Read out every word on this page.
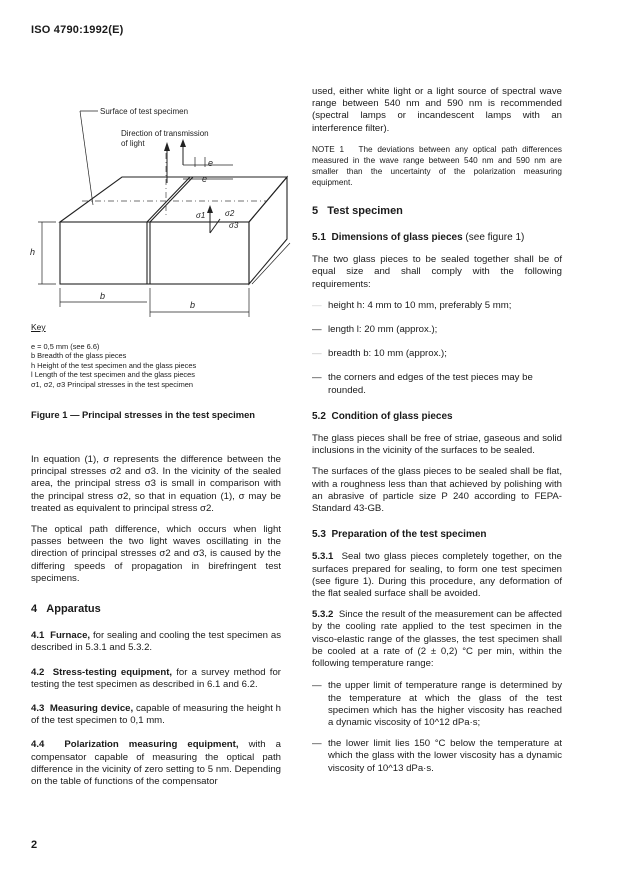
ISO 4790:1992(E)
e
e
σ1 σ2
σ3
Surface of test specimen
Direction of transmission
of light
h
b
b
Key
e = 0,5 mm (see 6.6)
b Breadth of the glass pieces
h Height of the test specimen and the glass pieces
l Length of the test specimen and the glass pieces
σ1, σ2, σ3 Principal stresses in the test specimen
Figure 1 — Principal stresses in the test specimen

In equation (1), σ represents the difference between the principal stresses σ2 and σ3. In the vicinity of the sealed area, the principal stress σ3 is small in comparison with the principal stress σ2, so that in equation (1), σ may be treated as equivalent to principal stress σ2.

The optical path difference, which occurs when light passes between the two light waves oscillating in the direction of principal stresses σ2 and σ3, is caused by the differing speeds of propagation in birefringent test specimens.

4 Apparatus

4.1 Furnace, for sealing and cooling the test specimen as described in 5.3.1 and 5.3.2.

4.2 Stress-testing equipment, for a survey method for testing the test specimen as described in 6.1 and 6.2.

4.3 Measuring device, capable of measuring the height h of the test specimen to 0,1 mm.

4.4 Polarization measuring equipment, with a compensator capable of measuring the optical path difference in the vicinity of zero setting to 5 nm. Depending on the table of functions of the compensator

used, either white light or a light source of spectral wave range between 540 nm and 590 nm is recommended (spectral lamps or incandescent lamps with an interference filter).

NOTE 1 The deviations between any optical path differences measured in the wave range between 540 nm and 590 nm are smaller than the uncertainty of the polarization measuring equipment.

5 Test specimen
5.1 Dimensions of glass pieces (see figure 1)

The two glass pieces to be sealed together shall be of equal size and shall comply with the following requirements:

— height h: 4 mm to 10 mm, preferably 5 mm;
— length l: 20 mm (approx.);
— breadth b: 10 mm (approx.);
— the corners and edges of the test pieces may be rounded.
5.2 Condition of glass pieces

The glass pieces shall be free of striae, gaseous and solid inclusions in the vicinity of the surfaces to be sealed.

The surfaces of the glass pieces to be sealed shall be flat, with a roughness less than that achieved by polishing with an abrasive of particle size P 240 according to FEPA-Standard 43-GB.

5.3 Preparation of the test specimen

5.3.1 Seal two glass pieces completely together, on the surfaces prepared for sealing, to form one test specimen (see figure 1). During this procedure, any deformation of the flat sealed surface shall be avoided.

5.3.2 Since the result of the measurement can be affected by the cooling rate applied to the test specimen in the visco-elastic range of the glasses, the test specimen shall be cooled at a rate of (2 ± 0,2) °C per min, within the following temperature range:

— the upper limit of temperature range is determined by the temperature at which the glass of the test specimen which has the higher viscosity has reached a dynamic viscosity of 10^12 dPa·s;

— the lower limit lies 150 °C below the temperature at which the glass with the lower viscosity has a dynamic viscosity of 10^13 dPa·s.

2
